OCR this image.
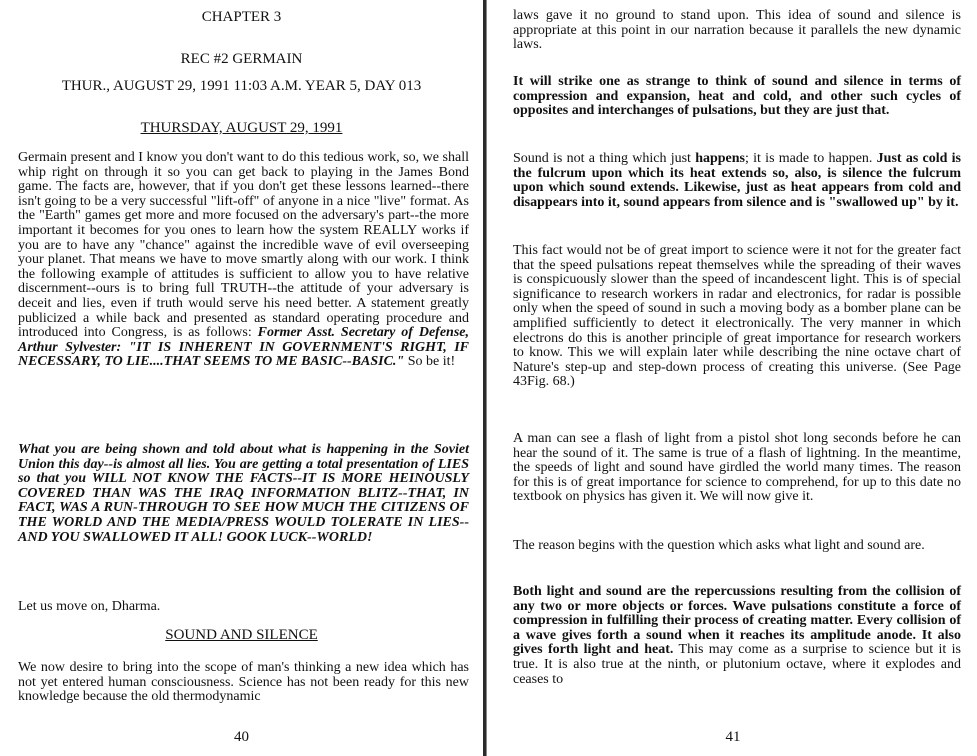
CHAPTER 3

REC #2 GERMAIN

THUR., AUGUST 29, 1991 11:03 A.M. YEAR 5, DAY 013

THURSDAY, AUGUST 29, 1991

Germain present and I know you don't want to do this tedious work, so, we shall whip right on through it so you can get back to playing in the James Bond game. The facts are, however, that if you don't get these lessons learned--there isn't going to be a very successful "lift-off" of anyone in a nice "live" format. As the "Earth" games get more and more focused on the adversary's part--the more important it becomes for you ones to learn how the system REALLY works if you are to have any "chance" against the incredible wave of evil overseeping your planet. That means we have to move smartly along with our work. I think the following example of attitudes is sufficient to allow you to have relative discernment--ours is to bring full TRUTH--the attitude of your adversary is deceit and lies, even if truth would serve his need better. A statement greatly publicized a while back and presented as standard operating procedure and introduced into Congress, is as follows: Former Asst. Secretary of Defense, Arthur Sylvester: "IT IS INHERENT IN GOVERNMENT'S RIGHT, IF NECESSARY, TO LIE....THAT SEEMS TO ME BASIC--BASIC." So be it!

What you are being shown and told about what is happening in the Soviet Union this day--is almost all lies. You are getting a total presentation of LIES so that you WILL NOT KNOW THE FACTS--IT IS MORE HEINOUSLY COVERED THAN WAS THE IRAQ INFORMATION BLITZ--THAT, IN FACT, WAS A RUN-THROUGH TO SEE HOW MUCH THE CITIZENS OF THE WORLD AND THE MEDIA/PRESS WOULD TOLERATE IN LIES--AND YOU SWALLOWED IT ALL! GOOK LUCK--WORLD!

Let us move on, Dharma.

SOUND AND SILENCE

We now desire to bring into the scope of man's thinking a new idea which has not yet entered human consciousness. Science has not been ready for this new knowledge because the old thermodynamic

40

laws gave it no ground to stand upon. This idea of sound and silence is appropriate at this point in our narration because it parallels the new dynamic laws.

It will strike one as strange to think of sound and silence in terms of compression and expansion, heat and cold, and other such cycles of opposites and interchanges of pulsations, but they are just that.

Sound is not a thing which just happens; it is made to happen. Just as cold is the fulcrum upon which its heat extends so, also, is silence the fulcrum upon which sound extends. Likewise, just as heat appears from cold and disappears into it, sound appears from silence and is "swallowed up" by it.

This fact would not be of great import to science were it not for the greater fact that the speed pulsations repeat themselves while the spreading of their waves is conspicuously slower than the speed of incandescent light. This is of special significance to research workers in radar and electronics, for radar is possible only when the speed of sound in such a moving body as a bomber plane can be amplified sufficiently to detect it electronically. The very manner in which electrons do this is another principle of great importance for research workers to know. This we will explain later while describing the nine octave chart of Nature's step-up and step-down process of creating this universe. (See Page 43Fig. 68.)

A man can see a flash of light from a pistol shot long seconds before he can hear the sound of it. The same is true of a flash of lightning. In the meantime, the speeds of light and sound have girdled the world many times. The reason for this is of great importance for science to comprehend, for up to this date no textbook on physics has given it. We will now give it.

The reason begins with the question which asks what light and sound are.

Both light and sound are the repercussions resulting from the collision of any two or more objects or forces. Wave pulsations constitute a force of compression in fulfilling their process of creating matter. Every collision of a wave gives forth a sound when it reaches its amplitude anode. It also gives forth light and heat. This may come as a surprise to science but it is true. It is also true at the ninth, or plutonium octave, where it explodes and ceases to

41
